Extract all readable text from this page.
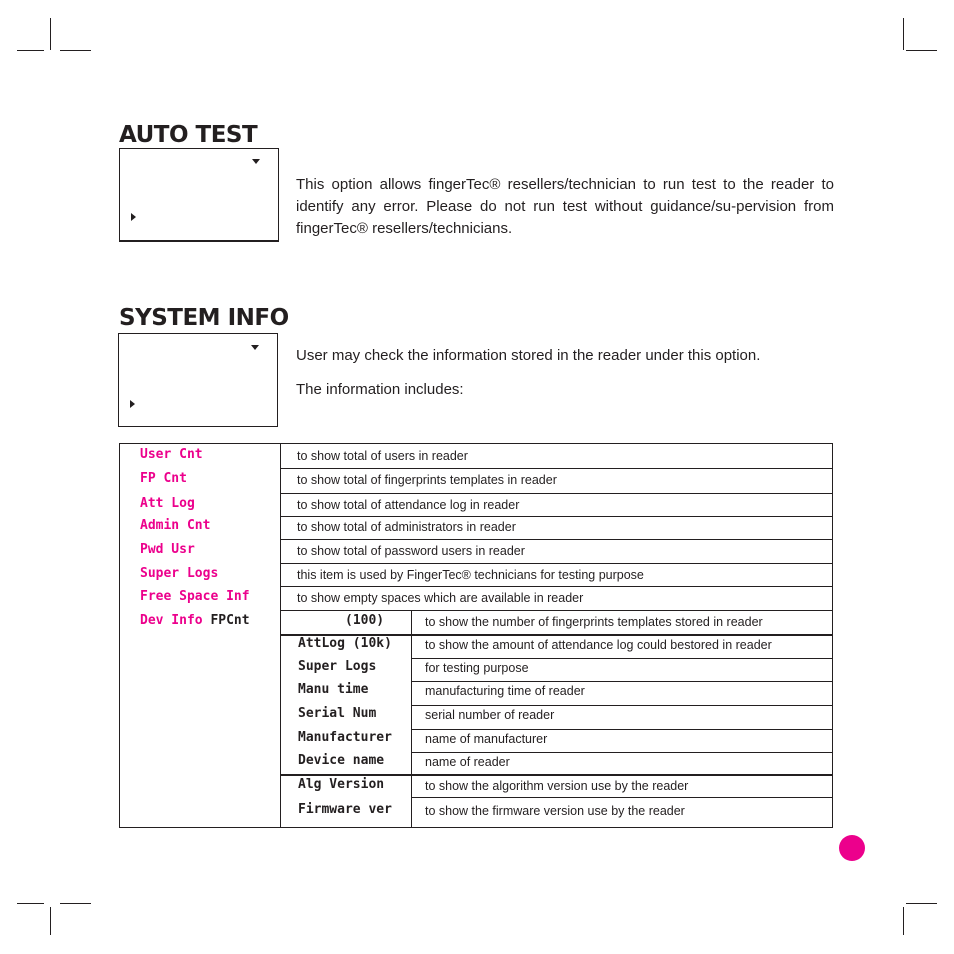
AUTO TEST

This option allows fingerTec® resellers/technician to run test to the reader to identify any error. Please do not run test without guidance/su-pervision from fingerTec® resellers/technicians.

SYSTEM INFO

User may check the information stored in the reader under this option.

The information includes:

User Cnt	to show total of users in reader
FP Cnt	to show total of fingerprints templates in reader
Att Log	to show total of attendance log in reader
Admin Cnt	to show total of administrators in reader
Pwd Usr	to show total of password users in reader
Super Logs	this item is used by FingerTec® technicians for testing purpose
Free Space Inf	to show empty spaces which are available in reader
Dev Info FPCnt	(100)	to show the number of fingerprints templates stored in reader
AttLog (10k)	to show the amount of attendance log could bestored in reader
Super Logs	for testing purpose
Manu time	manufacturing time of reader
Serial Num	serial number of reader
Manufacturer	name of manufacturer
Device name	name of reader
Alg Version	to show the algorithm version use by the reader
Firmware ver	to show the firmware version use by the reader
